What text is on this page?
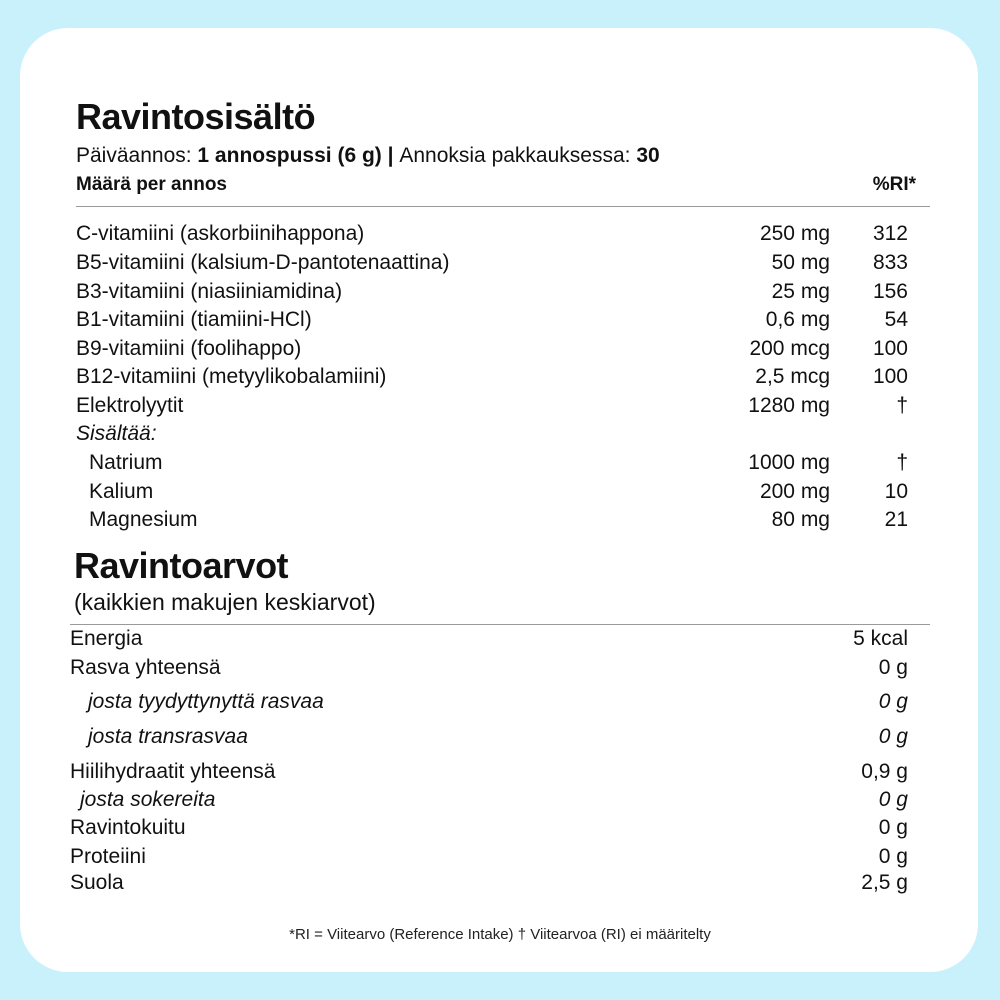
Ravintosisältö
Päiväannos: 1 annospussi (6 g) | Annoksia pakkauksessa: 30
Määrä per annos	%RI*
C-vitamiini (askorbiinihappona)	250 mg 312
B5-vitamiini (kalsium-D-pantotenaattina)	50 mg 833
B3-vitamiini (niasiiniamidina)	25 mg 156
B1-vitamiini (tiamiini-HCl)	0,6 mg	54
B9-vitamiini (foolihappo)	200 mcg 100
B12-vitamiini (metyylikobalamiini)	2,5 mcg 100
Elektrolyytit	1280 mg	†
Sisältää:
Natrium	1000 mg	†
Kalium	200 mg	10
Magnesium	80 mg	21
Ravintoarvot
(kaikkien makujen keskiarvot)
Energia	5 kcal
Rasva yhteensä	0 g
josta tyydyttynyttä rasvaa	0 g
josta transrasvaa	0 g
Hiilihydraatit yhteensä	0,9 g
josta sokereita	0 g
Ravintokuitu	0 g
Proteiini	0 g
Suola	2,5 g
*RI = Viitearvo (Reference Intake) † Viitearvoa (RI) ei määritelty
